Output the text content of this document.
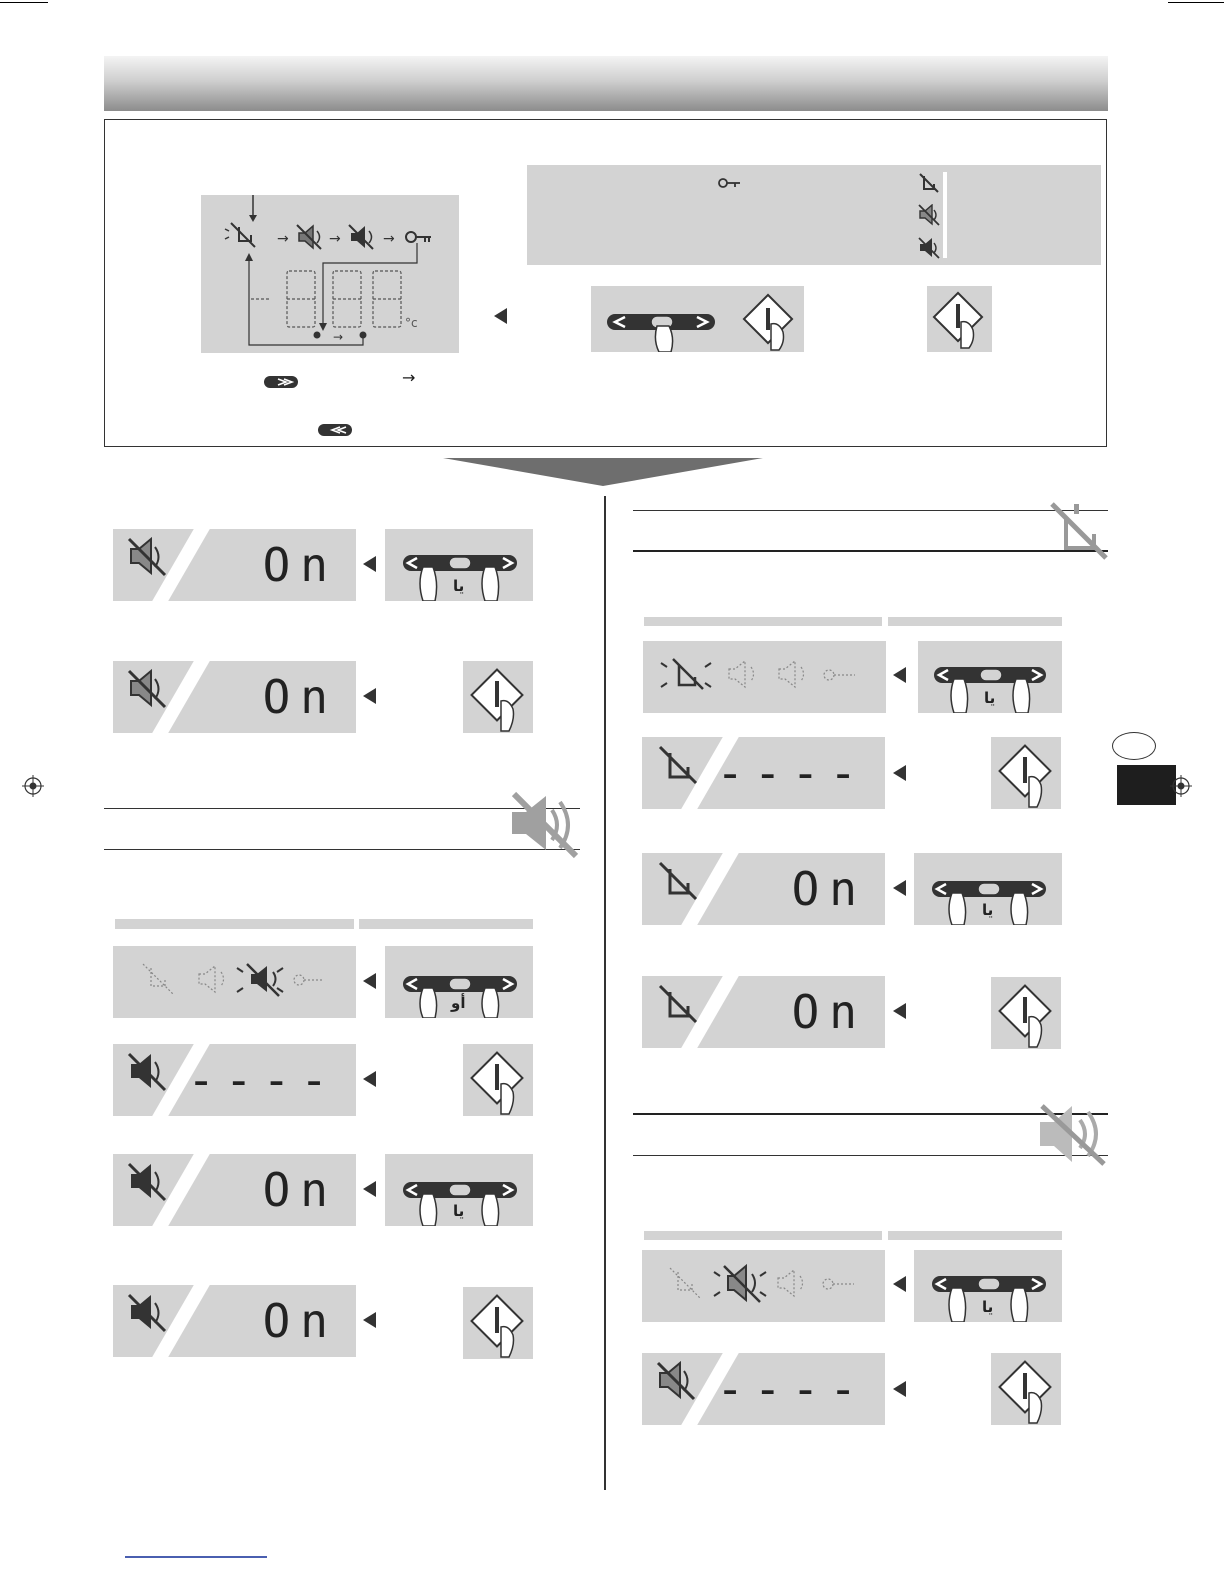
→	→	→
°c
→
→
On	يا
On
أو
----
On	يا
On
يا
----
On	يا
On
يا
----
